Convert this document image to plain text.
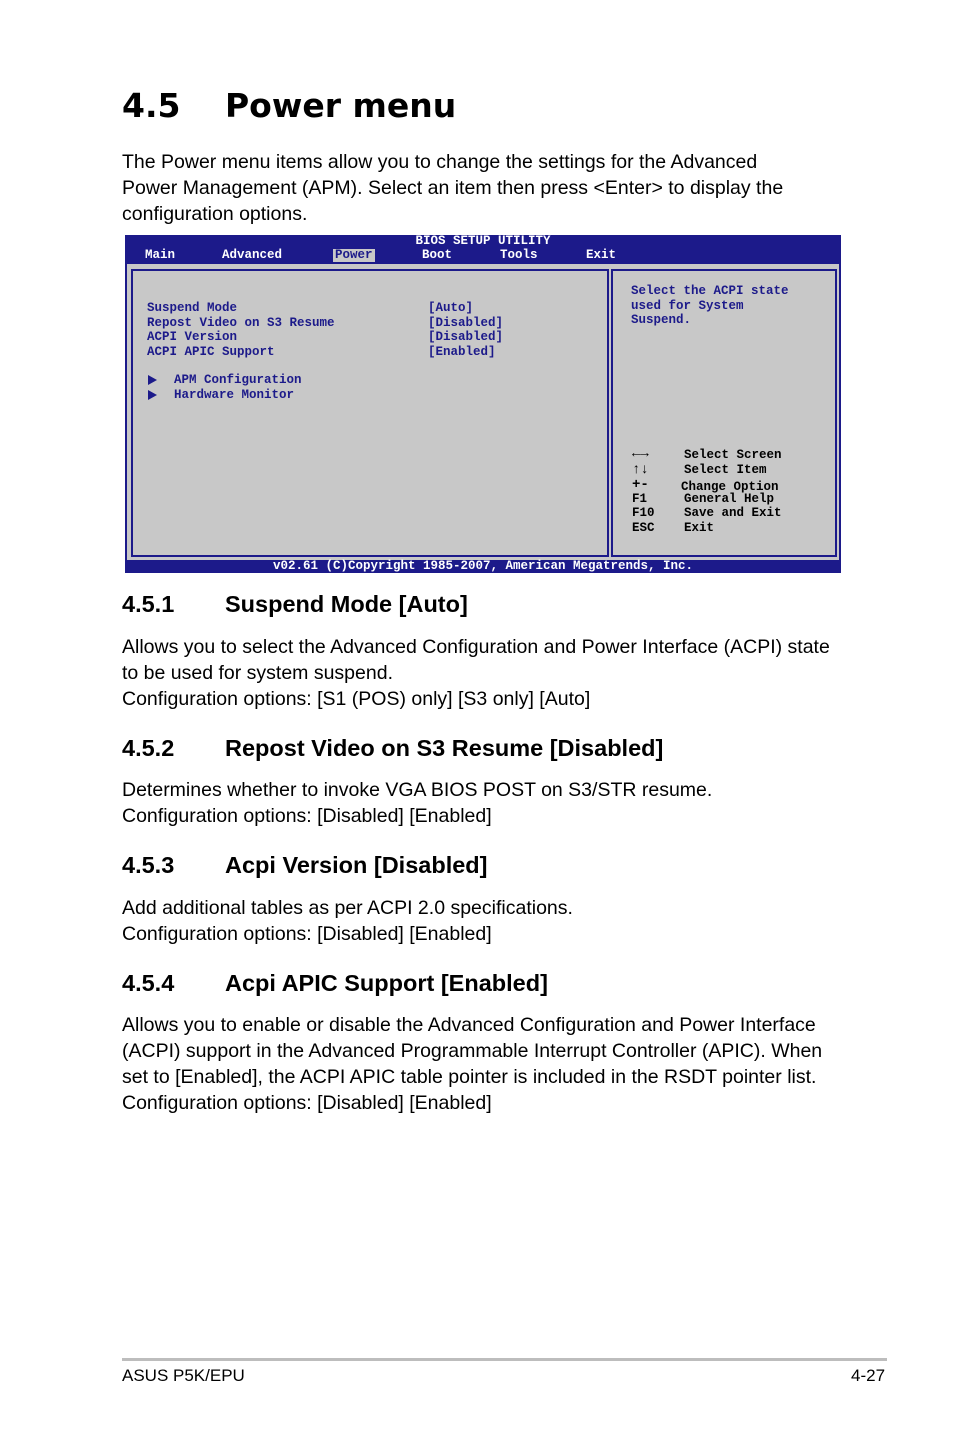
4.5 Power menu
The Power menu items allow you to change the settings for the Advanced
Power Management (APM). Select an item then press <Enter> to display the
configuration options.
BIOS SETUP UTILITY
Main	Advanced	Power	Boot	Tools	Exit
Suspend Mode	[Auto]
Repost Video on S3 Resume	[Disabled]
ACPI Version	[Disabled]
ACPI APIC Support	[Enabled]
APM Configuration
Hardware Monitor
Select the ACPI state
used for System
Suspend.
←→	Select Screen
↑↓	Select Item
+-	Change Option
F1	General Help
F10 Save and Exit
ESC Exit
v02.61 (C)Copyright 1985-2007, American Megatrends, Inc.
4.5.1 Suspend Mode [Auto]
Allows you to select the Advanced Configuration and Power Interface (ACPI) state
to be used for system suspend.
Configuration options: [S1 (POS) only] [S3 only] [Auto]
4.5.2 Repost Video on S3 Resume [Disabled]
Determines whether to invoke VGA BIOS POST on S3/STR resume.
Configuration options: [Disabled] [Enabled]
4.5.3 Acpi Version [Disabled]
Add additional tables as per ACPI 2.0 specifications.
Configuration options: [Disabled] [Enabled]
4.5.4 Acpi APIC Support [Enabled]
Allows you to enable or disable the Advanced Configuration and Power Interface
(ACPI) support in the Advanced Programmable Interrupt Controller (APIC). When
set to [Enabled], the ACPI APIC table pointer is included in the RSDT pointer list.
Configuration options: [Disabled] [Enabled]
ASUS P5K/EPU	4-27
